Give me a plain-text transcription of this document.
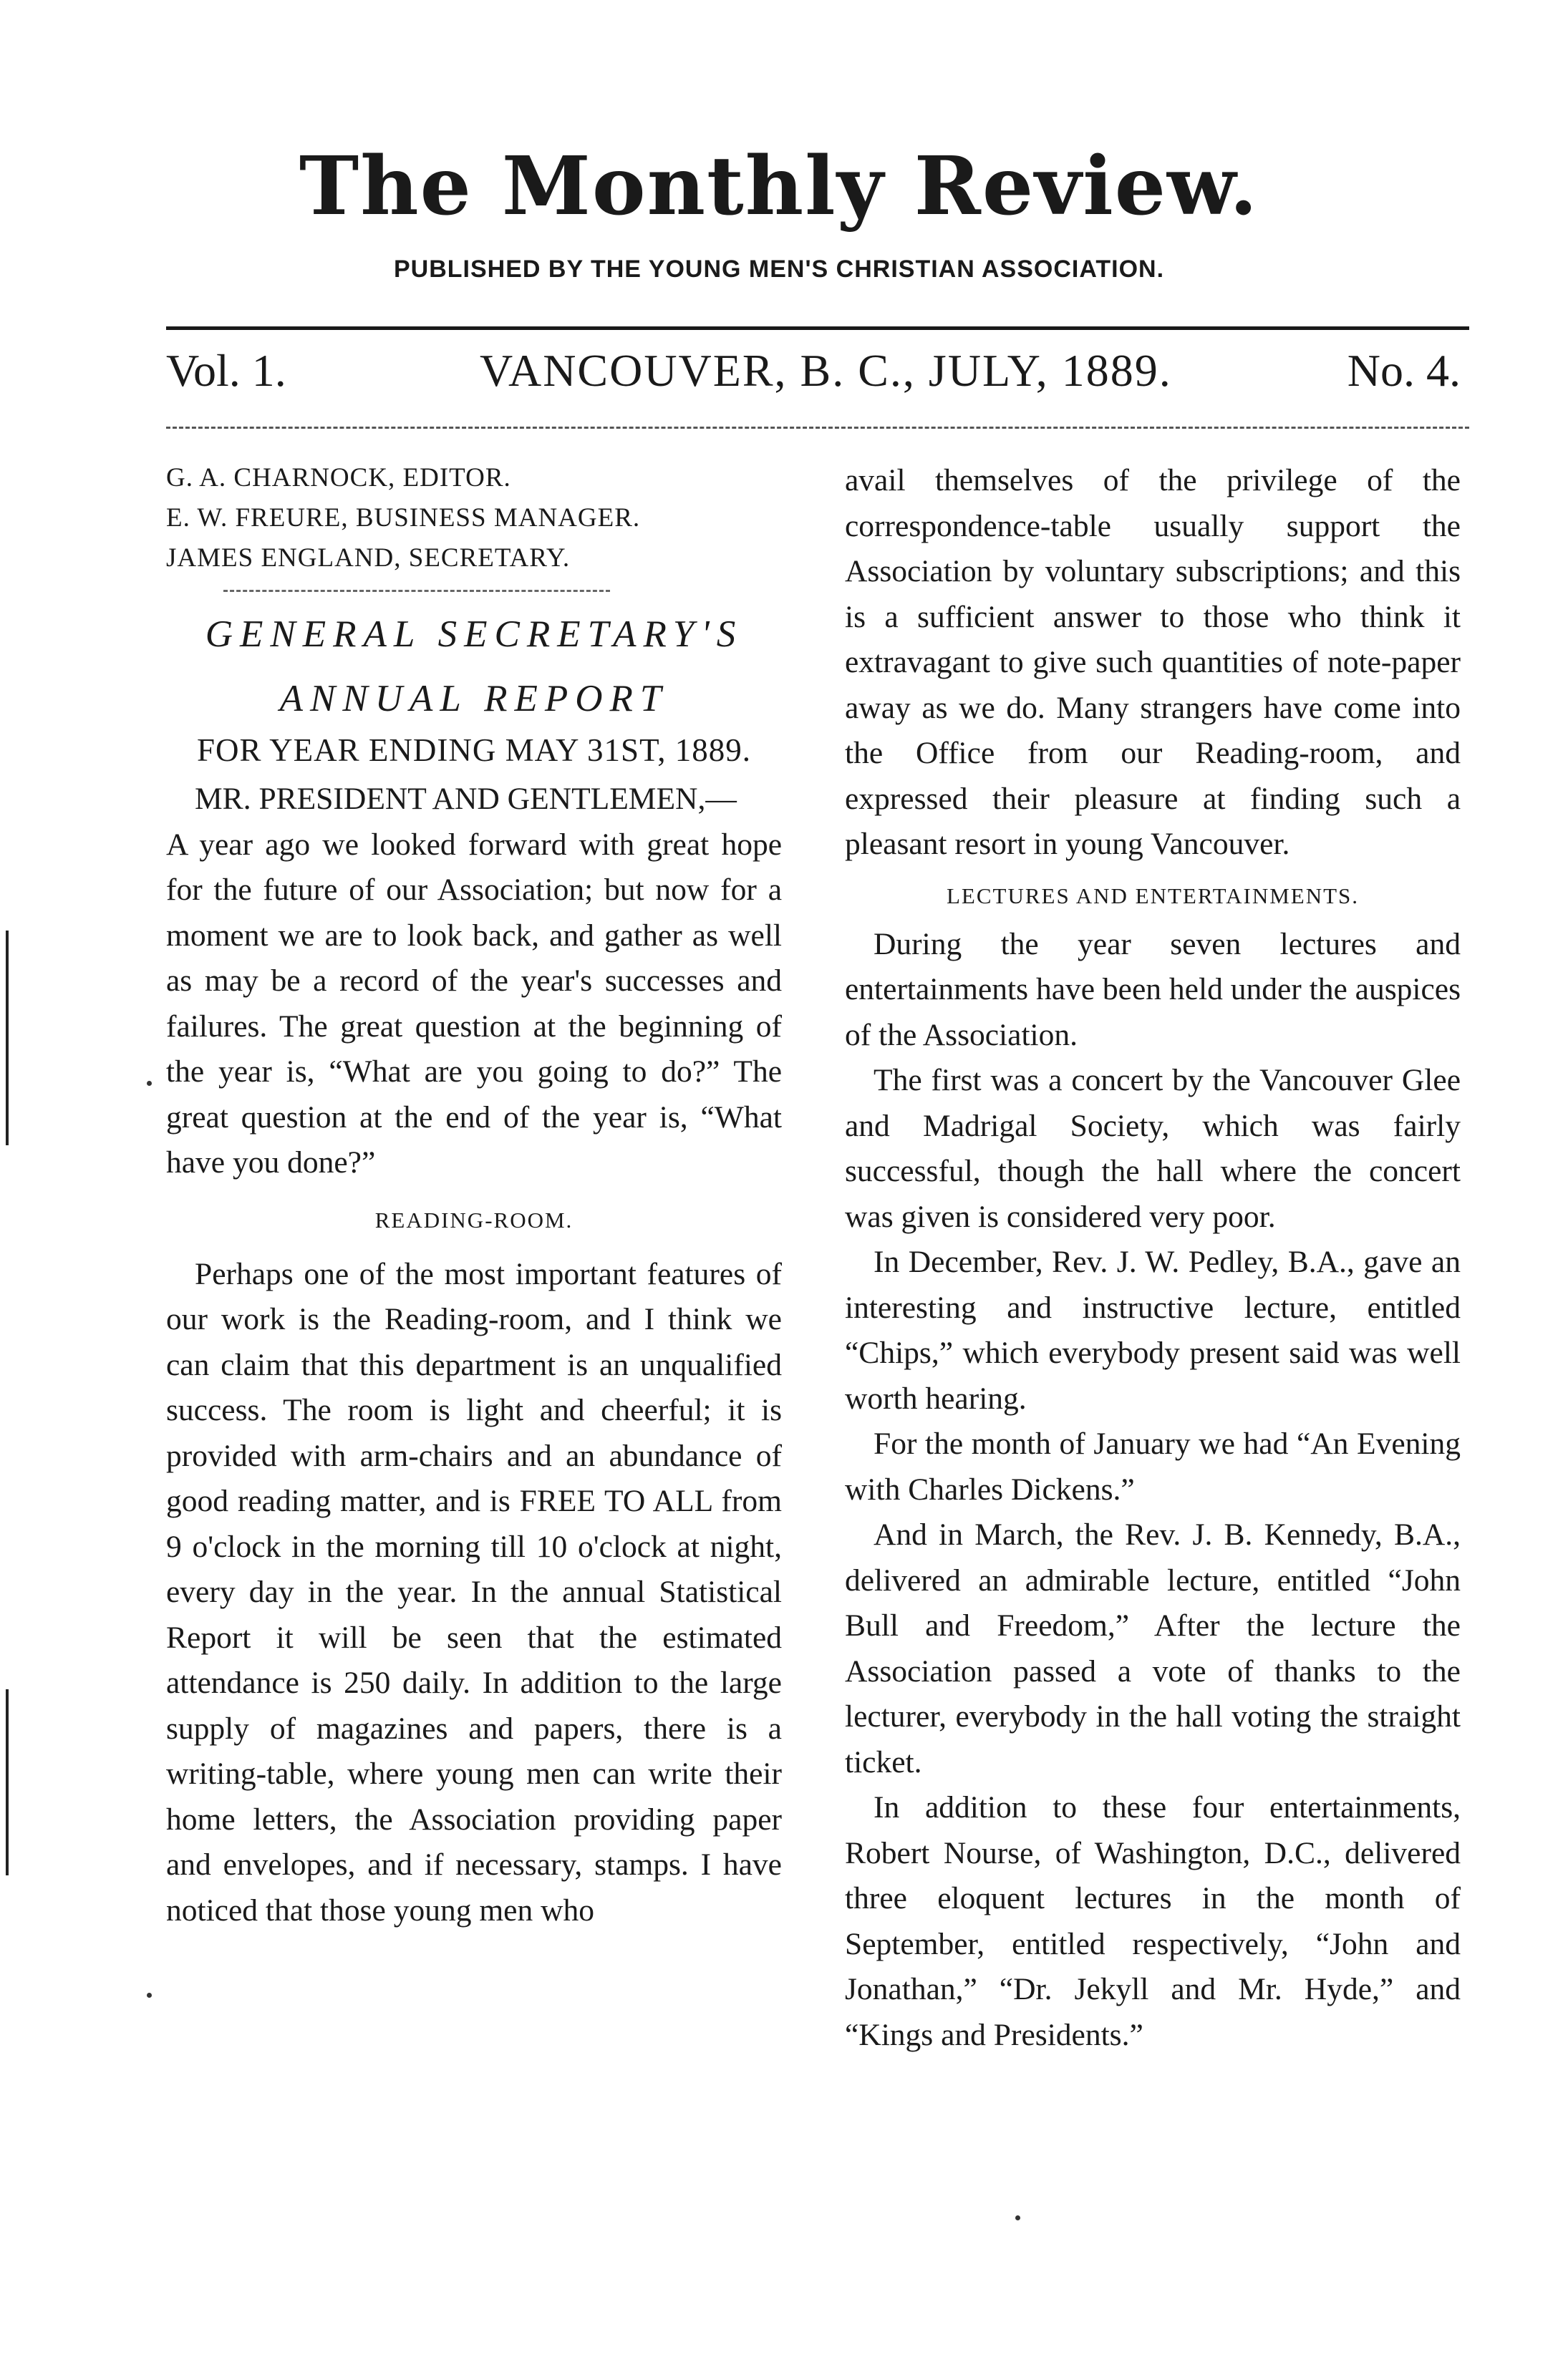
The Monthly Review.
PUBLISHED BY THE YOUNG MEN'S CHRISTIAN ASSOCIATION.
Vol. 1.	VANCOUVER, B. C., JULY, 1889.	No. 4.
G. A. CHARNOCK, EDITOR.
E. W. FREURE, BUSINESS MANAGER.
JAMES ENGLAND, SECRETARY.
GENERAL SECRETARY'S
ANNUAL REPORT
FOR YEAR ENDING MAY 31ST, 1889.

MR. PRESIDENT AND GENTLEMEN,—

A year ago we looked forward with great hope for the future of our Association; but now for a moment we are to look back, and gather as well as may be a record of the year's successes and failures. The great question at the beginning of the year is, “What are you going to do?” The great question at the end of the year is, “What have you done?”

READING-ROOM.

Perhaps one of the most important features of our work is the Reading-room, and I think we can claim that this department is an unqualified success. The room is light and cheerful; it is provided with arm-chairs and an abundance of good reading matter, and is FREE TO ALL from 9 o'clock in the morning till 10 o'clock at night, every day in the year. In the annual Statistical Report it will be seen that the estimated attendance is 250 daily. In addition to the large supply of magazines and papers, there is a writing-table, where young men can write their home letters, the Association providing paper and envelopes, and if necessary, stamps. I have noticed that those young men who

avail themselves of the privilege of the correspondence-table usually support the Association by voluntary subscriptions; and this is a sufficient answer to those who think it extravagant to give such quantities of note-paper away as we do. Many strangers have come into the Office from our Reading-room, and expressed their pleasure at finding such a pleasant resort in young Vancouver.

LECTURES AND ENTERTAINMENTS.

During the year seven lectures and entertainments have been held under the auspices of the Association.

The first was a concert by the Vancouver Glee and Madrigal Society, which was fairly successful, though the hall where the concert was given is considered very poor.

In December, Rev. J. W. Pedley, B.A., gave an interesting and instructive lecture, entitled “Chips,” which everybody present said was well worth hearing.

For the month of January we had “An Evening with Charles Dickens.”

And in March, the Rev. J. B. Kennedy, B.A., delivered an admirable lecture, entitled “John Bull and Freedom,” After the lecture the Association passed a vote of thanks to the lecturer, everybody in the hall voting the straight ticket.

In addition to these four entertainments, Robert Nourse, of Washington, D.C., delivered three eloquent lectures in the month of September, entitled respectively, “John and Jonathan,” “Dr. Jekyll and Mr. Hyde,” and “Kings and Presidents.”
